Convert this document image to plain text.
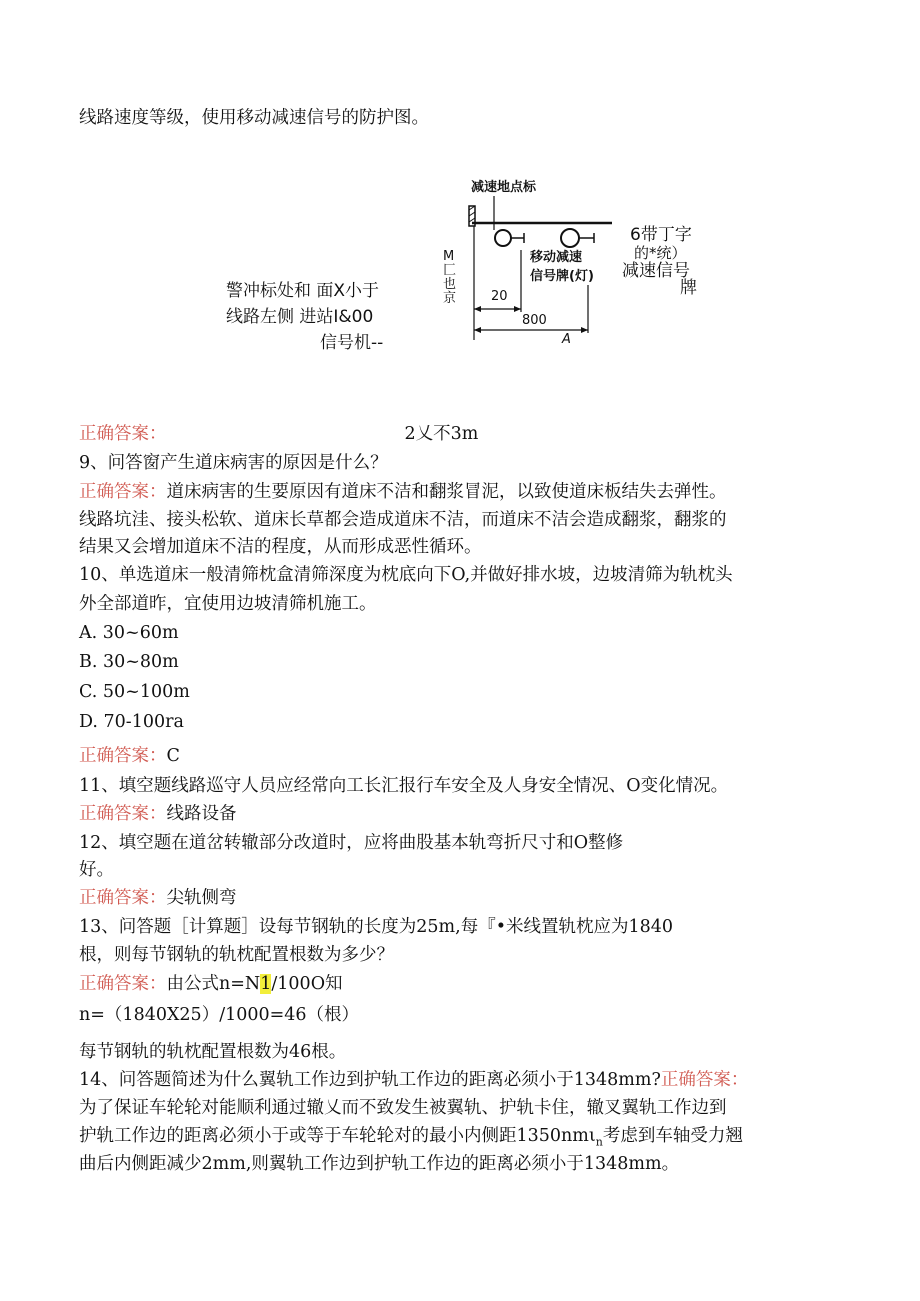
线路速度等级，使用移动减速信号的防护图。
减速地点标
移动减速
信号牌(灯)
20
800
A
M 匚也京
6带丁字
的*统）
减速信号
牌
警冲标处和 面X小于
线路左侧 进站I&00
信号机--
正确答案：	2乂不3m
9、问答窗产生道床病害的原因是什么？
正确答案：道床病害的生要原因有道床不洁和翻浆冒泥，以致使道床板结失去弹性。
线路坑洼、接头松软、道床长草都会造成道床不洁，而道床不洁会造成翻浆，翻浆的
结果又会增加道床不洁的程度，从而形成恶性循环。
10、单选道床一般清筛枕盒清筛深度为枕底向下O,并做好排水坡，边坡清筛为轨枕头
外全部道昨，宜使用边坡清筛机施工。
A. 30~60m
B. 30~80m
C. 50~100m
D. 70-100ra
正确答案：C
11、填空题线路巡守人员应经常向工长汇报行车安全及人身安全情况、O变化情况。
正确答案：线路设备
12、填空题在道岔转辙部分改道时，应将曲股基本轨弯折尺寸和O整修
好。
正确答案：尖轨侧弯
13、问答题［计算题］设每节钢轨的长度为25m,每『•米线置轨枕应为1840
根，则每节钢轨的轨枕配置根数为多少？
正确答案：由公式n=N1/100O知
n=（1840X25）/1000=46（根）
每节钢轨的轨枕配置根数为46根。
14、问答题简述为什么翼轨工作边到护轨工作边的距离必须小于1348mm?正确答案：
为了保证车轮轮对能顺利通过辙乂而不致发生被翼轨、护轨卡住，辙叉翼轨工作边到
护轨工作边的距离必须小于或等于车轮轮对的最小内侧距1350nmι$_n$考虑到车轴受力翘
曲后内侧距减少2mm,则翼轨工作边到护轨工作边的距离必须小于1348mm。
